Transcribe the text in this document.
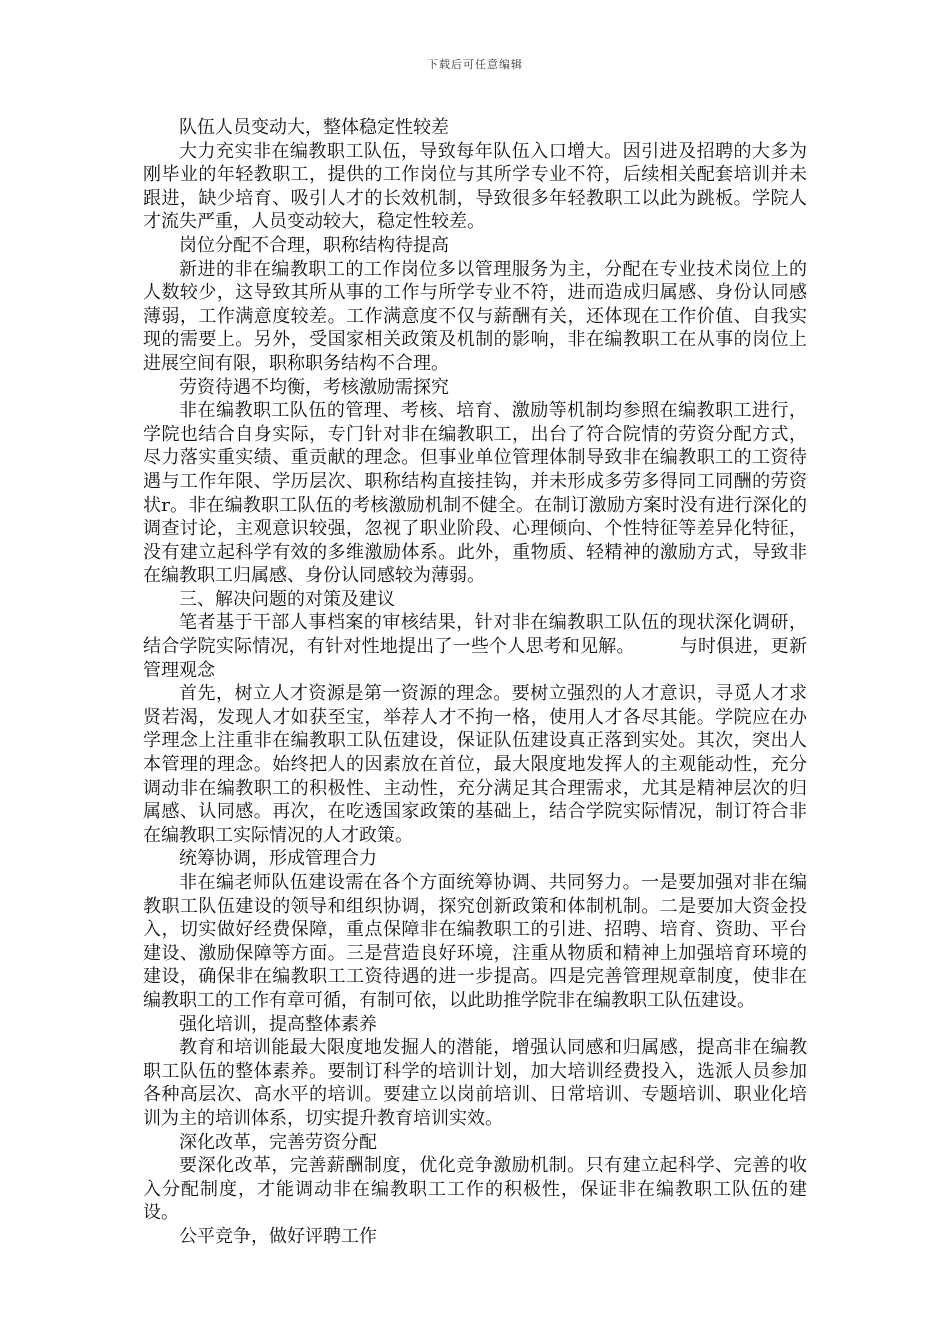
下载后可任意编辑

队伍人员变动大，整体稳定性较差

大力充实非在编教职工队伍，导致每年队伍入口增大。因引进及招聘的大多为刚毕业的年轻教职工，提供的工作岗位与其所学专业不符，后续相关配套培训并未跟进，缺少培育、吸引人才的长效机制，导致很多年轻教职工以此为跳板。学院人才流失严重，人员变动较大，稳定性较差。

岗位分配不合理，职称结构待提高

新进的非在编教职工的工作岗位多以管理服务为主，分配在专业技术岗位上的人数较少，这导致其所从事的工作与所学专业不符，进而造成归属感、身份认同感薄弱，工作满意度较差。工作满意度不仅与薪酬有关，还体现在工作价值、自我实现的需要上。另外，受国家相关政策及机制的影响，非在编教职工在从事的岗位上进展空间有限，职称职务结构不合理。

劳资待遇不均衡，考核激励需探究

非在编教职工队伍的管理、考核、培育、激励等机制均参照在编教职工进行，学院也结合自身实际，专门针对非在编教职工，出台了符合院情的劳资分配方式，尽力落实重实绩、重贡献的理念。但事业单位管理体制导致非在编教职工的工资待遇与工作年限、学历层次、职称结构直接挂钩，并未形成多劳多得同工同酬的劳资状r。非在编教职工队伍的考核激励机制不健全。在制订激励方案时没有进行深化的调查讨论，主观意识较强，忽视了职业阶段、心理倾向、个性特征等差异化特征，没有建立起科学有效的多维激励体系。此外，重物质、轻精神的激励方式，导致非在编教职工归属感、身份认同感较为薄弱。

三、解决问题的对策及建议

笔者基于干部人事档案的审核结果，针对非在编教职工队伍的现状深化调研，结合学院实际情况，有针对性地提出了一些个人思考和见解。	与时俱进，更新管理观念

首先，树立人才资源是第一资源的理念。要树立强烈的人才意识，寻觅人才求贤若渴，发现人才如获至宝，举荐人才不拘一格，使用人才各尽其能。学院应在办学理念上注重非在编教职工队伍建设，保证队伍建设真正落到实处。其次，突出人本管理的理念。始终把人的因素放在首位，最大限度地发挥人的主观能动性，充分调动非在编教职工的积极性、主动性，充分满足其合理需求，尤其是精神层次的归属感、认同感。再次，在吃透国家政策的基础上，结合学院实际情况，制订符合非在编教职工实际情况的人才政策。

统筹协调，形成管理合力

非在编老师队伍建设需在各个方面统筹协调、共同努力。一是要加强对非在编教职工队伍建设的领导和组织协调，探究创新政策和体制机制。二是要加大资金投入，切实做好经费保障，重点保障非在编教职工的引进、招聘、培育、资助、平台建设、激励保障等方面。三是营造良好环境，注重从物质和精神上加强培育环境的建设，确保非在编教职工工资待遇的进一步提高。四是完善管理规章制度，使非在编教职工的工作有章可循，有制可依，以此助推学院非在编教职工队伍建设。

强化培训，提高整体素养

教育和培训能最大限度地发掘人的潜能，增强认同感和归属感，提高非在编教职工队伍的整体素养。要制订科学的培训计划，加大培训经费投入，选派人员参加各种高层次、高水平的培训。要建立以岗前培训、日常培训、专题培训、职业化培训为主的培训体系，切实提升教育培训实效。

深化改革，完善劳资分配

要深化改革，完善薪酬制度，优化竞争激励机制。只有建立起科学、完善的收入分配制度，才能调动非在编教职工工作的积极性，保证非在编教职工队伍的建设。

公平竞争，做好评聘工作
